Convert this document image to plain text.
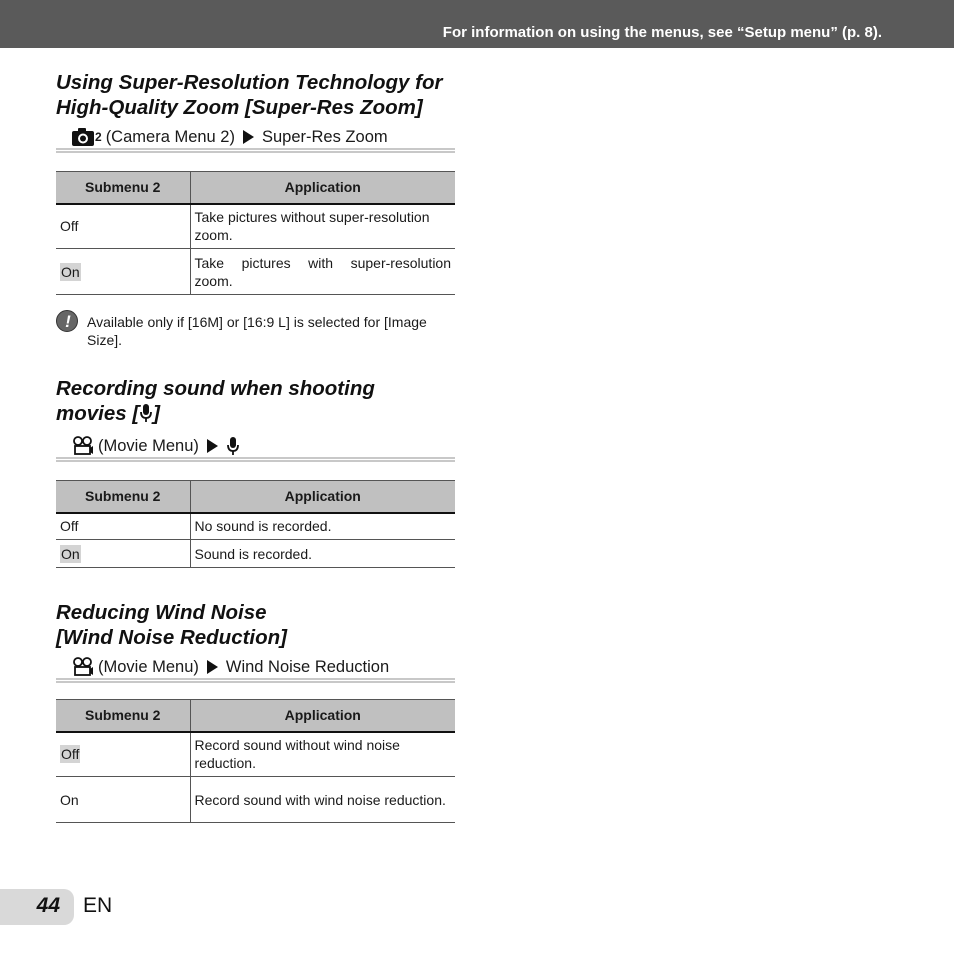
For information on using the menus, see “Setup menu” (p. 8).
Using Super-Resolution Technology for
High-Quality Zoom [Super-Res Zoom]
2 (Camera Menu 2) Super-Res Zoom
Submenu 2	Application
Off	Take pictures without super-resolution zoom.
On	Take pictures with super-resolution zoom.
!	Available only if [16M] or [16:9 L] is selected for [Image Size].
Recording sound when shooting
movies [ ]
(Movie Menu)
Submenu 2	Application
Off	No sound is recorded.
On	Sound is recorded.
Reducing Wind Noise
[Wind Noise Reduction]
(Movie Menu) Wind Noise Reduction
Submenu 2	Application
Off	Record sound without wind noise reduction.
On	Record sound with wind noise reduction.
44 EN
